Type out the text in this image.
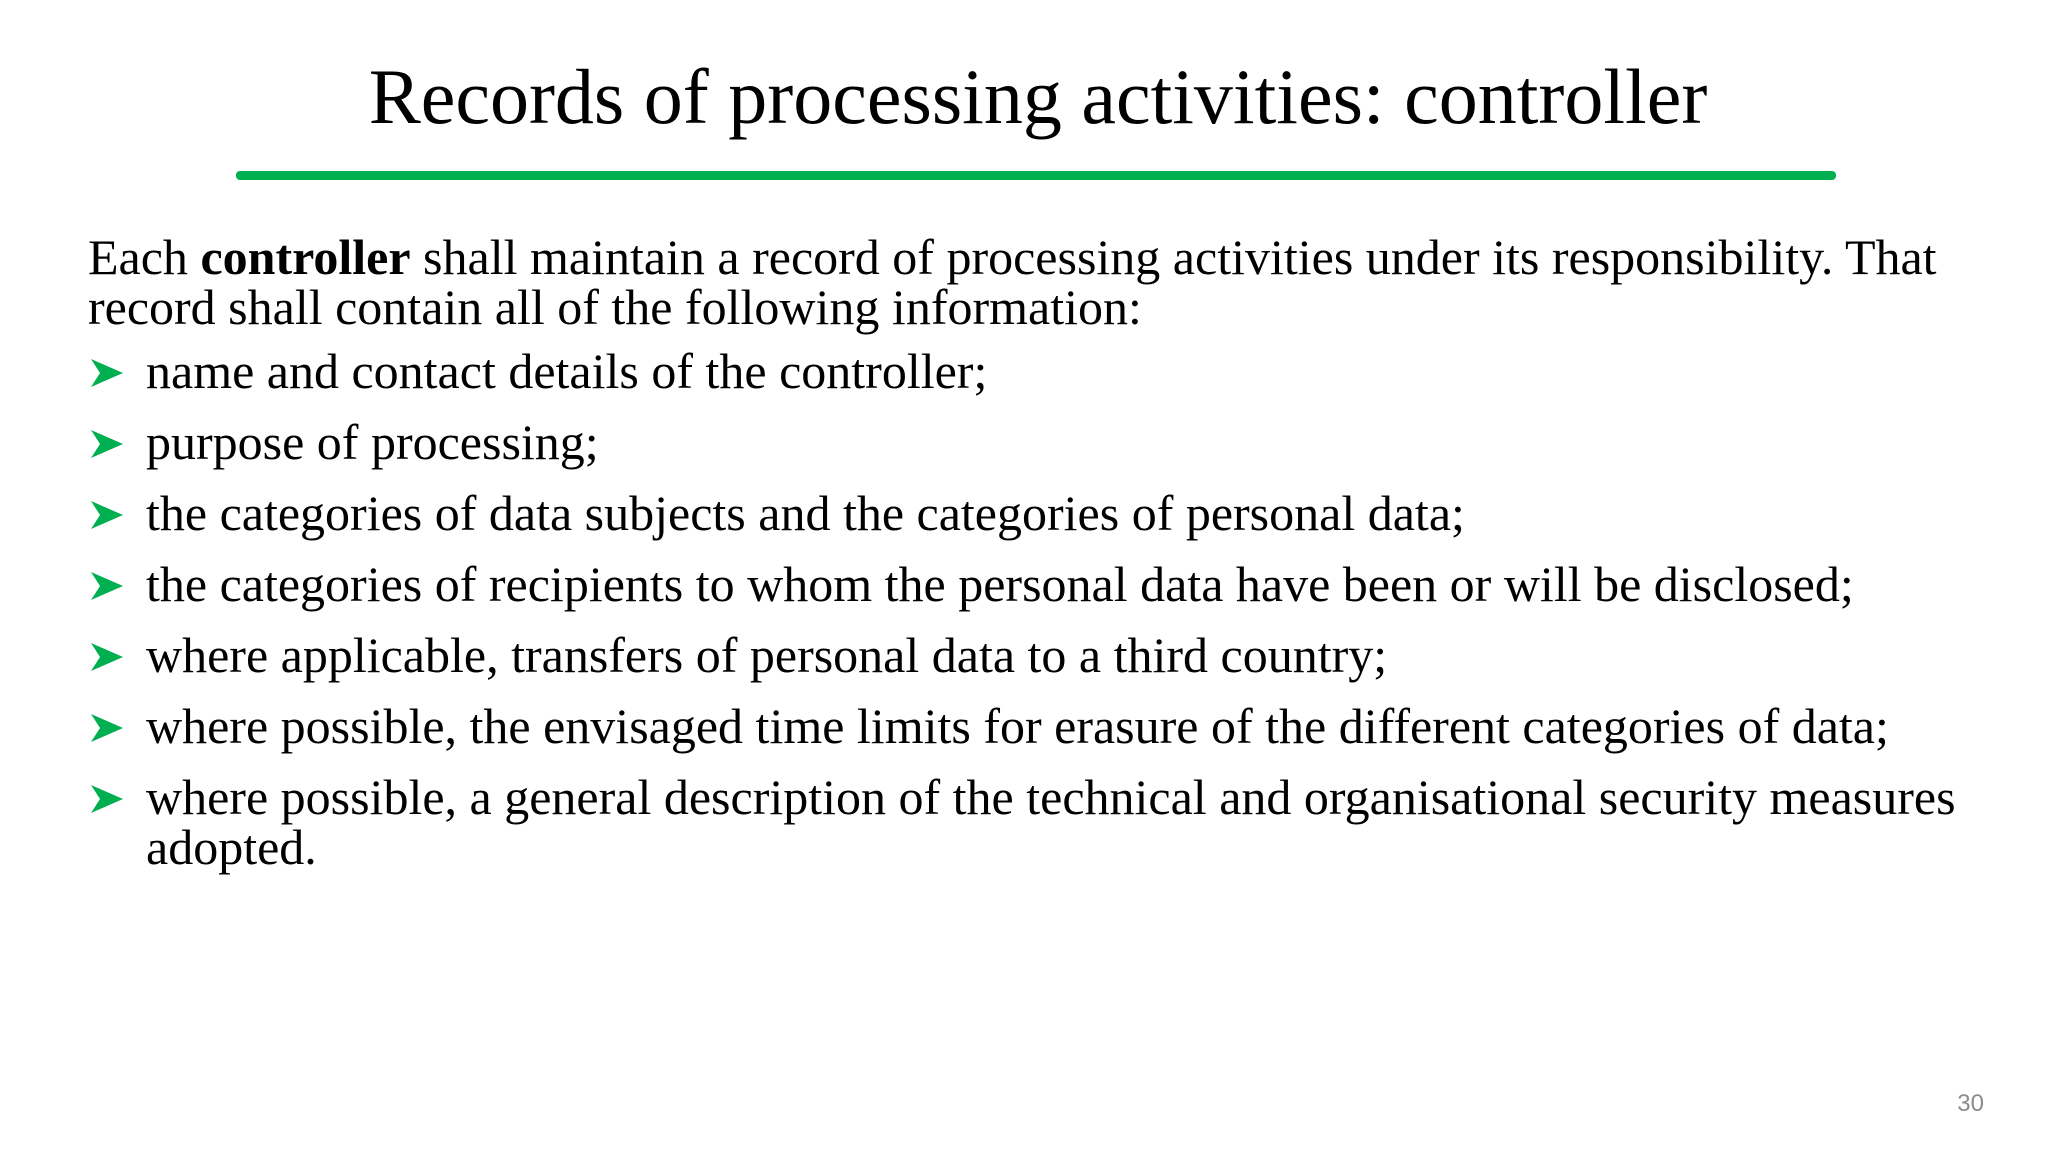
Records of processing activities: controller

Each controller shall maintain a record of processing activities under its responsibility. That record shall contain all of the following information:

name and contact details of the controller;
purpose of processing;
the categories of data subjects and the categories of personal data;
the categories of recipients to whom the personal data have been or will be disclosed;
where applicable, transfers of personal data to a third country;
where possible, the envisaged time limits for erasure of the different categories of data;
where possible, a general description of the technical and organisational security measures adopted.
30
